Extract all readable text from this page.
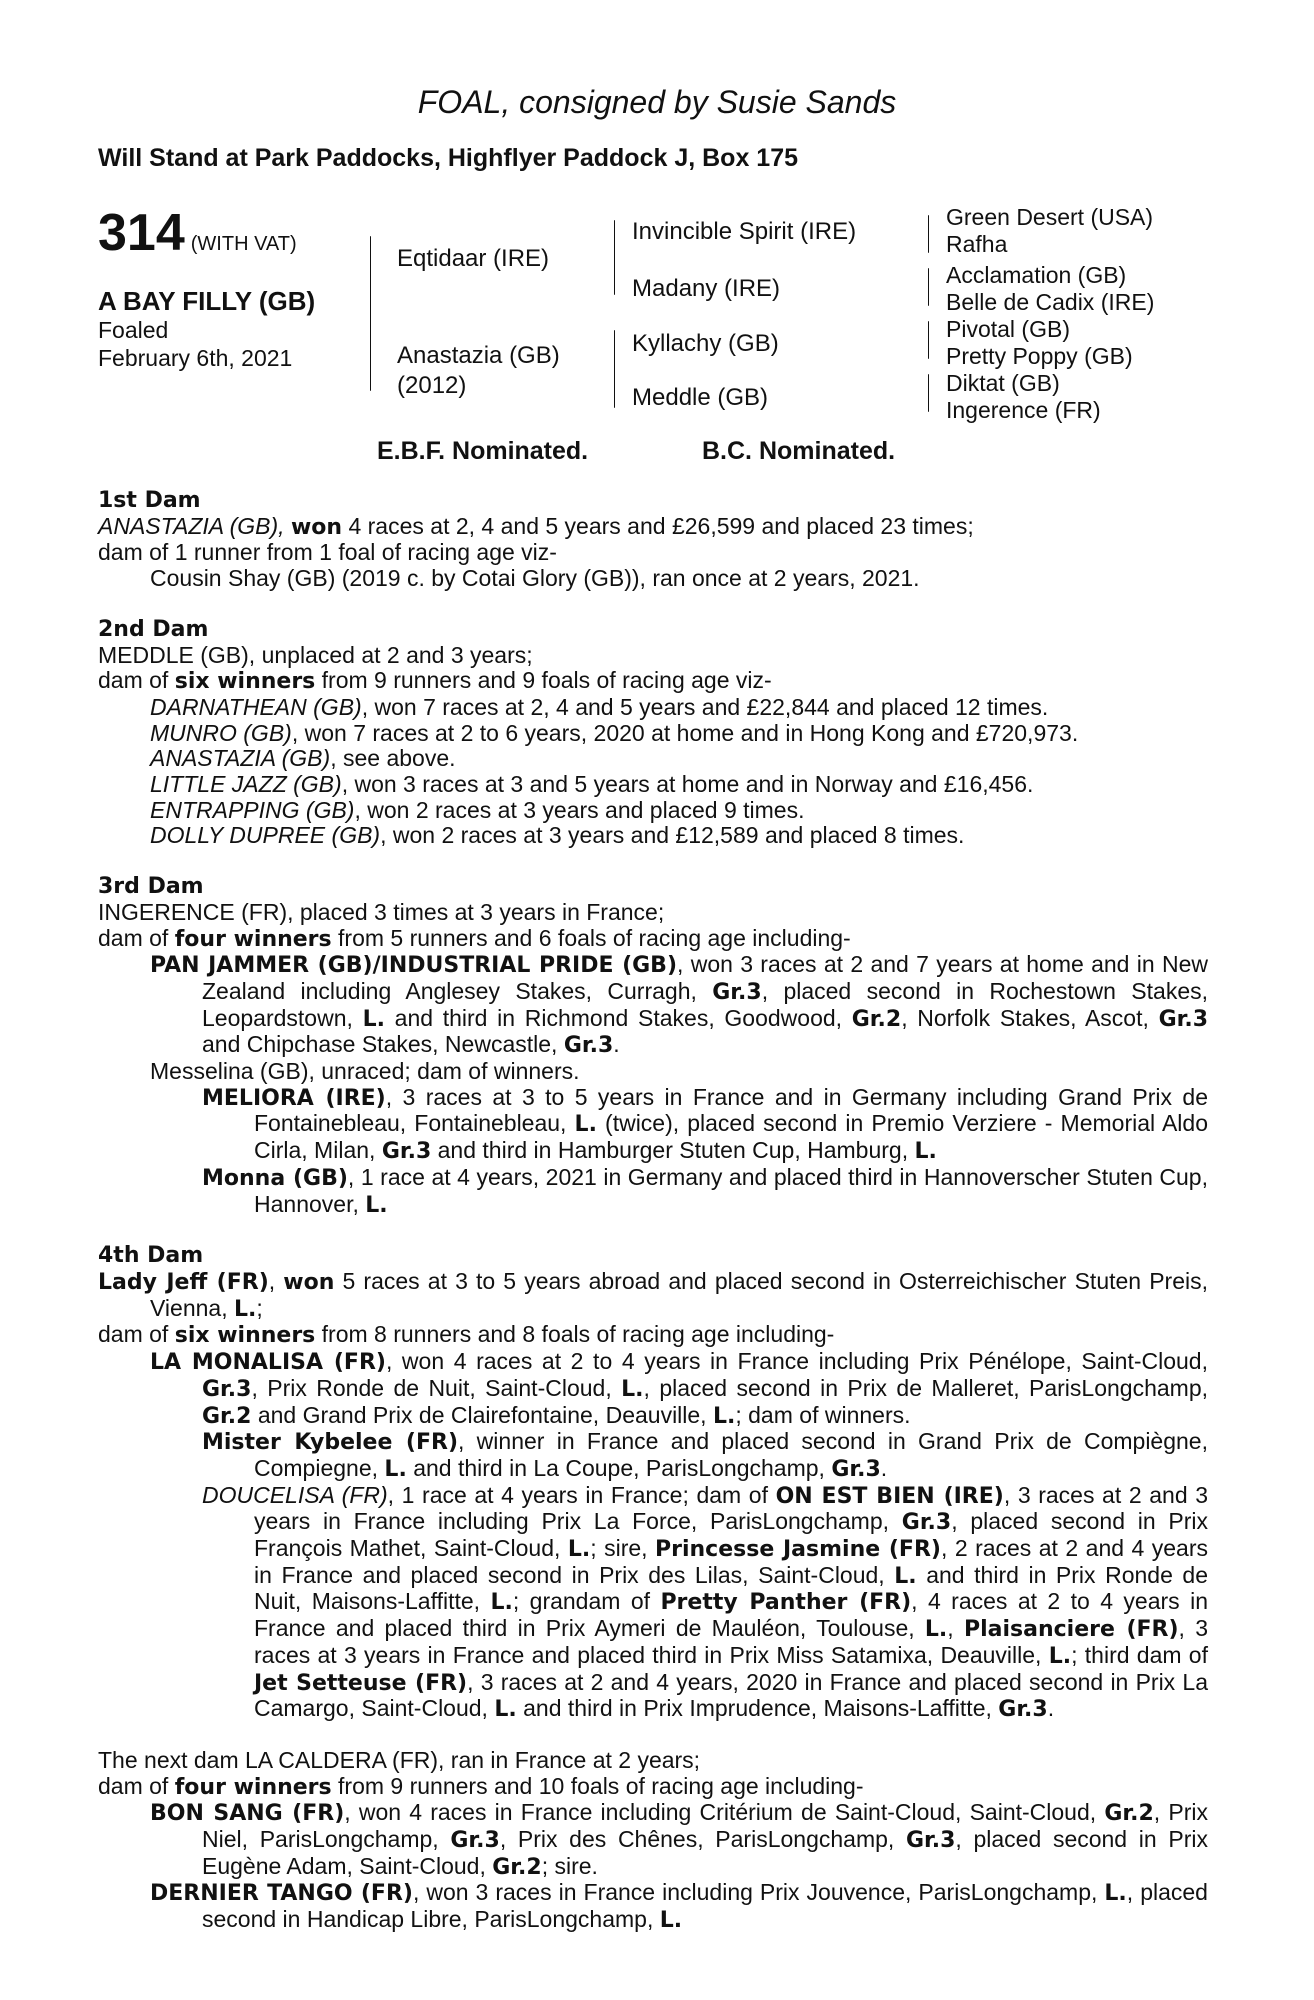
FOAL, consigned by Susie Sands
Will Stand at Park Paddocks, Highflyer Paddock J, Box 175
314 (WITH VAT)
A BAY FILLY (GB)
Foaled
February 6th, 2021
Eqtidaar (IRE)
Anastazia (GB)
(2012)
Invincible Spirit (IRE)
Madany (IRE)
Kyllachy (GB)
Meddle (GB)
Green Desert (USA)
Rafha
Acclamation (GB)
Belle de Cadix (IRE)
Pivotal (GB)
Pretty Poppy (GB)
Diktat (GB)
Ingerence (FR)
E.B.F. Nominated.	B.C. Nominated.

1st Dam

ANASTAZIA (GB), won 4 races at 2, 4 and 5 years and £26,599 and placed 23 times;

dam of 1 runner from 1 foal of racing age viz-

Cousin Shay (GB) (2019 c. by Cotai Glory (GB)), ran once at 2 years, 2021.

2nd Dam

MEDDLE (GB), unplaced at 2 and 3 years;

dam of six winners from 9 runners and 9 foals of racing age viz-

DARNATHEAN (GB), won 7 races at 2, 4 and 5 years and £22,844 and placed 12 times.

MUNRO (GB), won 7 races at 2 to 6 years, 2020 at home and in Hong Kong and £720,973.

ANASTAZIA (GB), see above.

LITTLE JAZZ (GB), won 3 races at 3 and 5 years at home and in Norway and £16,456.

ENTRAPPING (GB), won 2 races at 3 years and placed 9 times.

DOLLY DUPREE (GB), won 2 races at 3 years and £12,589 and placed 8 times.

3rd Dam

INGERENCE (FR), placed 3 times at 3 years in France;

dam of four winners from 5 runners and 6 foals of racing age including-

PAN JAMMER (GB)/INDUSTRIAL PRIDE (GB), won 3 races at 2 and 7 years at home and in New Zealand including Anglesey Stakes, Curragh, Gr.3, placed second in Rochestown Stakes, Leopardstown, L. and third in Richmond Stakes, Goodwood, Gr.2, Norfolk Stakes, Ascot, Gr.3 and Chipchase Stakes, Newcastle, Gr.3.

Messelina (GB), unraced; dam of winners.

MELIORA (IRE), 3 races at 3 to 5 years in France and in Germany including Grand Prix de Fontainebleau, Fontainebleau, L. (twice), placed second in Premio Verziere - Memorial Aldo Cirla, Milan, Gr.3 and third in Hamburger Stuten Cup, Hamburg, L.

Monna (GB), 1 race at 4 years, 2021 in Germany and placed third in Hannoverscher Stuten Cup, Hannover, L.

4th Dam

Lady Jeff (FR), won 5 races at 3 to 5 years abroad and placed second in Osterreichischer Stuten Preis, Vienna, L.;

dam of six winners from 8 runners and 8 foals of racing age including-

LA MONALISA (FR), won 4 races at 2 to 4 years in France including Prix Pénélope, Saint-Cloud, Gr.3, Prix Ronde de Nuit, Saint-Cloud, L., placed second in Prix de Malleret, ParisLongchamp, Gr.2 and Grand Prix de Clairefontaine, Deauville, L.; dam of winners.

Mister Kybelee (FR), winner in France and placed second in Grand Prix de Compiègne, Compiegne, L. and third in La Coupe, ParisLongchamp, Gr.3.

DOUCELISA (FR), 1 race at 4 years in France; dam of ON EST BIEN (IRE), 3 races at 2 and 3 years in France including Prix La Force, ParisLongchamp, Gr.3, placed second in Prix François Mathet, Saint-Cloud, L.; sire, Princesse Jasmine (FR), 2 races at 2 and 4 years in France and placed second in Prix des Lilas, Saint-Cloud, L. and third in Prix Ronde de Nuit, Maisons-Laffitte, L.; grandam of Pretty Panther (FR), 4 races at 2 to 4 years in France and placed third in Prix Aymeri de Mauléon, Toulouse, L., Plaisanciere (FR), 3 races at 3 years in France and placed third in Prix Miss Satamixa, Deauville, L.; third dam of Jet Setteuse (FR), 3 races at 2 and 4 years, 2020 in France and placed second in Prix La Camargo, Saint-Cloud, L. and third in Prix Imprudence, Maisons-Laffitte, Gr.3.

The next dam LA CALDERA (FR), ran in France at 2 years;

dam of four winners from 9 runners and 10 foals of racing age including-

BON SANG (FR), won 4 races in France including Critérium de Saint-Cloud, Saint-Cloud, Gr.2, Prix Niel, ParisLongchamp, Gr.3, Prix des Chênes, ParisLongchamp, Gr.3, placed second in Prix Eugène Adam, Saint-Cloud, Gr.2; sire.

DERNIER TANGO (FR), won 3 races in France including Prix Jouvence, ParisLongchamp, L., placed second in Handicap Libre, ParisLongchamp, L.
